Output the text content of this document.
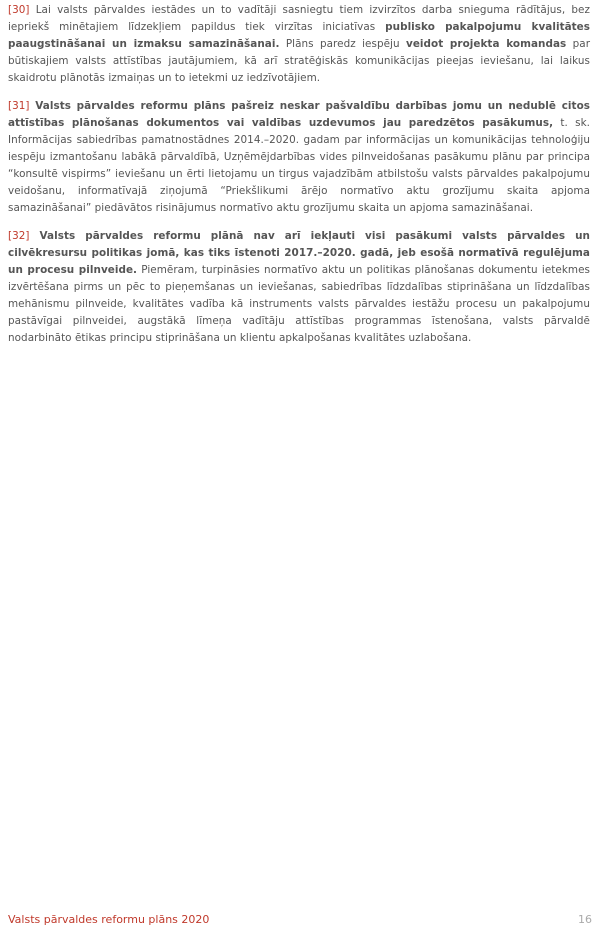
[30] Lai valsts pārvaldes iestādes un to vadītāji sasniegtu tiem izvirzītos darba snieguma rādītājus, bez iepriekš minētajiem līdzekļiem papildus tiek virzītas iniciatīvas publisko pakalpojumu kvalitātes paaugstināšanai un izmaksu samazināšanai. Plāns paredz iespēju veidot projekta komandas par būtiskajiem valsts attīstības jautājumiem, kā arī stratēģiskās komunikācijas pieejas ieviešanu, lai laikus skaidrotu plānotās izmaiņas un to ietekmi uz iedzīvotājiem.

[31] Valsts pārvaldes reformu plāns pašreiz neskar pašvaldību darbības jomu un nedublē citos attīstības plānošanas dokumentos vai valdības uzdevumos jau paredzētos pasākumus, t. sk. Informācijas sabiedrības pamatnostādnes 2014.–2020. gadam par informācijas un komunikācijas tehnoloģiju iespēju izmantošanu labākā pārvaldībā, Uzņēmējdarbības vides pilnveidošanas pasākumu plānu par principa “konsultē vispirms” ieviešanu un ērti lietojamu un tirgus vajadzībām atbilstošu valsts pārvaldes pakalpojumu veidošanu, informatīvajā ziņojumā “Priekšlikumi ārējo normatīvo aktu grozījumu skaita apjoma samazināšanai” piedāvātos risinājumus normatīvo aktu grozījumu skaita un apjoma samazināšanai.

[32] Valsts pārvaldes reformu plānā nav arī iekļauti visi pasākumi valsts pārvaldes un cilvēkresursu politikas jomā, kas tiks īstenoti 2017.–2020. gadā, jeb esošā normatīvā regulējuma un procesu pilnveide. Piemēram, turpināsies normatīvo aktu un politikas plānošanas dokumentu ietekmes izvērtēšana pirms un pēc to pieņemšanas un ieviešanas, sabiedrības līdzdalības stiprināšana un līdzdalības mehānismu pilnveide, kvalitātes vadība kā instruments valsts pārvaldes iestāžu procesu un pakalpojumu pastāvīgai pilnveidei, augstākā līmeņa vadītāju attīstības programmas īstenošana, valsts pārvaldē nodarbināto ētikas principu stiprināšana un klientu apkalpošanas kvalitātes uzlabošana.

Valsts pārvaldes reformu plāns 2020	16
